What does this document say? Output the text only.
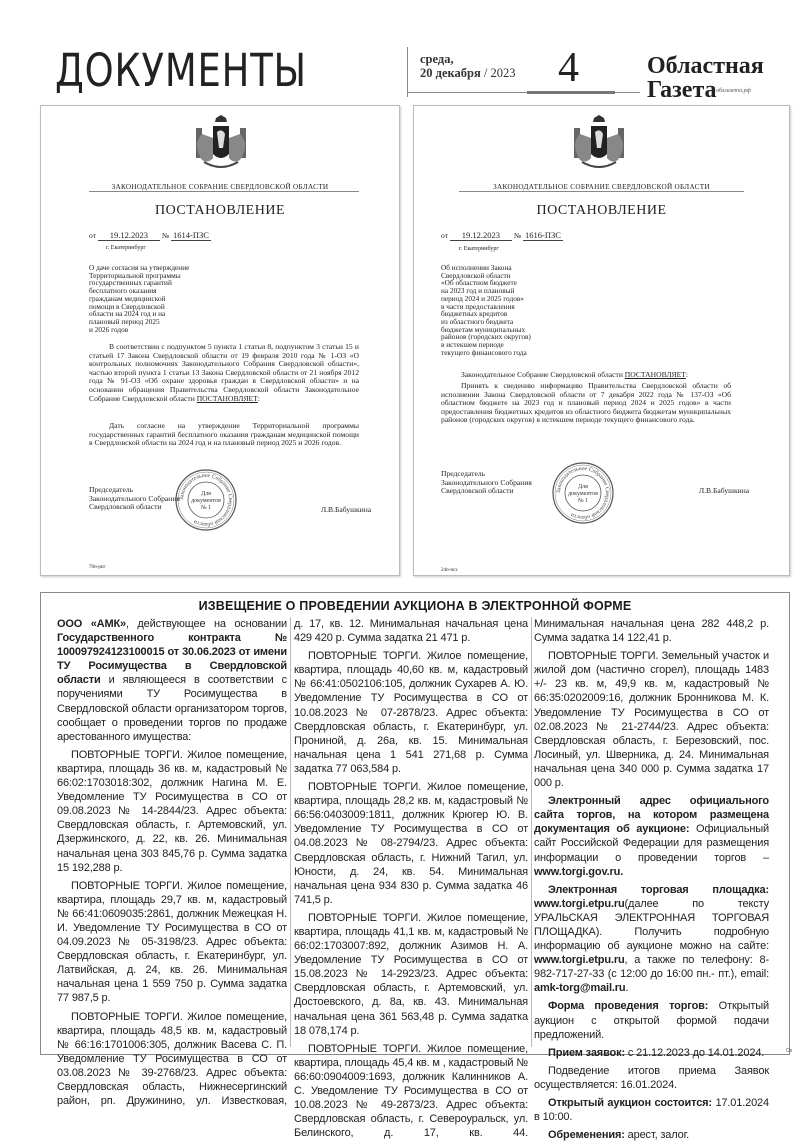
ДОКУМЕНТЫ	среда,
20 декабря / 2023 4	Областная
Газета облгазета.рф
ЗАКОНОДАТЕЛЬНОЕ СОБРАНИЕ СВЕРДЛОВСКОЙ ОБЛАСТИ
ПОСТАНОВЛЕНИЕ
от 19.12.2023 № 1614-ПЗС
г. Екатеринбург
О даче согласия на утверждение
Территориальной программы
государственных гарантий
бесплатного оказания
гражданам медицинской
помощи в Свердловской
области на 2024 год и на
плановый период 2025
и 2026 годов
В соответствии с подпунктом 5 пункта 1 статьи 8, подпунктом 3 статьи 15 и статьей 17 Закона Свердловской области от 19 февраля 2010 года № 1-ОЗ «О контрольных полномочиях Законодательного Собрания Свердловской области», частью второй пункта 1 статьи 13 Закона Свердловской области от 21 ноября 2012 года № 91-ОЗ «Об охране здоровья граждан в Свердловской области» и на основании обращения Правительства Свердловской области Законодательное Собрание Свердловской области ПОСТАНОВЛЯЕТ:
Дать согласие на утверждение Территориальной программы государственных гарантий бесплатного оказания гражданам медицинской помощи в Свердловской области на 2024 год и на плановый период 2025 и 2026 годов.
Председатель
Законодательного Собрания
Свердловской области
Законодательное Собрание Свердловской области
Для
документов
№ 1	Л.В.Бабушкина
70п-рпг
ЗАКОНОДАТЕЛЬНОЕ СОБРАНИЕ СВЕРДЛОВСКОЙ ОБЛАСТИ
ПОСТАНОВЛЕНИЕ
от 19.12.2023 № 1616-ПЗС
г. Екатеринбург
Об исполнении Закона
Свердловской области
«Об областном бюджете
на 2023 год и плановый
период 2024 и 2025 годов»
в части предоставления
бюджетных кредитов
из областного бюджета
бюджетам муниципальных
районов (городских округов)
в истекшем периоде
текущего финансового года
Законодательное Собрание Свердловской области ПОСТАНОВЛЯЕТ:
Принять к сведению информацию Правительства Свердловской области об исполнении Закона Свердловской области от 7 декабря 2022 года № 137-ОЗ «Об областном бюджете на 2023 год и плановый период 2024 и 2025 годов» в части предоставления бюджетных кредитов из областного бюджета бюджетам муниципальных районов (городских округов) в истекшем периоде текущего финансового года.
Председатель
Законодательного Собрания
Свердловской области	Законодательное Собрание Свердловской области
Для
документов
№ 1
Л.В.Бабушкина
24п-нсх
ИЗВЕЩЕНИЕ О ПРОВЕДЕНИИ АУКЦИОНА В ЭЛЕКТРОННОЙ ФОРМЕ

ООО «АМК», действующее на основании Государственного контракта № 100097924123100015 от 30.06.2023 от имени ТУ Росимущества в Свердловской области и являющееся в соответствии с поручениями ТУ Росимущества в Свердловской области организатором торгов, сообщает о проведении торгов по продаже арестованного имущества:

ПОВТОРНЫЕ ТОРГИ. Жилое помещение, квартира, площадь 36 кв. м, кадастровый № 66:02:1703018:302, должник Нагина М. Е. Уведомление ТУ Росимущества в СО от 09.08.2023 № 14-2844/23. Адрес объекта: Свердловская область, г. Артемовский, ул. Дзержинского, д. 22, кв. 26. Минимальная начальная цена 303 845,76 р. Сумма задатка 15 192,288 р.

ПОВТОРНЫЕ ТОРГИ. Жилое помещение, квартира, площадь 29,7 кв. м, кадастровый № 66:41:0609035:2861, должник Межецкая Н. И. Уведомление ТУ Росимущества в СО от 04.09.2023 № 05-3198/23. Адрес объекта: Свердловская область, г. Екатеринбург, ул. Латвийская, д. 24, кв. 26. Минимальная начальная цена 1 559 750 р. Сумма задатка 77 987,5 р.

ПОВТОРНЫЕ ТОРГИ. Жилое помещение, квартира, площадь 48,5 кв. м, кадастровый № 66:16:1701006:305, должник Васева С. П. Уведомление ТУ Росимущества в СО от 03.08.2023 № 39-2768/23. Адрес объекта: Свердловская область, Нижнесергинский район, рп. Дружинино, ул. Известковая,

д. 17, кв. 12. Минимальная начальная цена 429 420 р. Сумма задатка 21 471 р.

ПОВТОРНЫЕ ТОРГИ. Жилое помещение, квартира, площадь 40,60 кв. м, кадастровый № 66:41:0502106:105, должник Сухарев А. Ю. Уведомление ТУ Росимущества в СО от 10.08.2023 № 07-2878/23. Адрес объекта: Свердловская область, г. Екатеринбург, ул. Прониной, д. 26а, кв. 15. Минимальная начальная цена 1 541 271,68 р. Сумма задатка 77 063,584 р.

ПОВТОРНЫЕ ТОРГИ. Жилое помещение, квартира, площадь 28,2 кв. м, кадастровый № 66:56:0403009:1811, должник Крюгер Ю. В. Уведомление ТУ Росимущества в СО от 04.08.2023 № 08-2794/23. Адрес объекта: Свердловская область, г. Нижний Тагил, ул. Юности, д. 24, кв. 54. Минимальная начальная цена 934 830 р. Сумма задатка 46 741,5 р.

ПОВТОРНЫЕ ТОРГИ. Жилое помещение, квартира, площадь 41,1 кв. м, кадастровый № 66:02:1703007:892, должник Азимов Н. А. Уведомление ТУ Росимущества в СО от 15.08.2023 № 14-2923/23. Адрес объекта: Свердловская область, г. Артемовский, ул. Достоевского, д. 8а, кв. 43. Минимальная начальная цена 361 563,48 р. Сумма задатка 18 078,174 р.

ПОВТОРНЫЕ ТОРГИ. Жилое помещение, квартира, площадь 45,4 кв. м , кадастровый № 66:60:0904009:1693, должник Калинников А. С. Уведомление ТУ Росимущества в СО от 10.08.2023 № 49-2873/23. Адрес объекта: Свердловская область, г. Североуральск, ул. Белинского, д. 17, кв. 44.

Минимальная начальная цена 282 448,2 р. Сумма задатка 14 122,41 р.

ПОВТОРНЫЕ ТОРГИ. Земельный участок и жилой дом (частично сгорел), площадь 1483 +/- 23 кв. м, 49,9 кв. м, кадастровый № 66:35:0202009:16, должник Бронникова М. К. Уведомление ТУ Росимущества в СО от 02.08.2023 № 21-2744/23. Адрес объекта: Свердловская область, г. Березовский, пос. Лосиный, ул. Шверника, д. 24. Минимальная начальная цена 340 000 р. Сумма задатка 17 000 р.

Электронный адрес официального сайта торгов, на котором размещена документация об аукционе: Официальный сайт Российской Федерации для размещения информации о проведении торгов – www.torgi.gov.ru.

Электронная торговая площадка: www.torgi.etpu.ru(далее по тексту УРАЛЬСКАЯ ЭЛЕКТРОННАЯ ТОРГОВАЯ ПЛОЩАДКА). Получить подробную информацию об аукционе можно на сайте: www.torgi.etpu.ru, а также по телефону: 8-982-717-27-33 (с 12:00 до 16:00 пн.- пт.), email: amk-torg@mail.ru.

Форма проведения торгов: Открытый аукцион с открытой формой подачи предложений.

Прием заявок: с 21.12.2023 до 14.01.2024.

Подведение итогов приема Заявок осуществляется: 16.01.2024.

Открытый аукцион состоится: 17.01.2024 в 10:00.

Обременения: арест, залог.

Ок
